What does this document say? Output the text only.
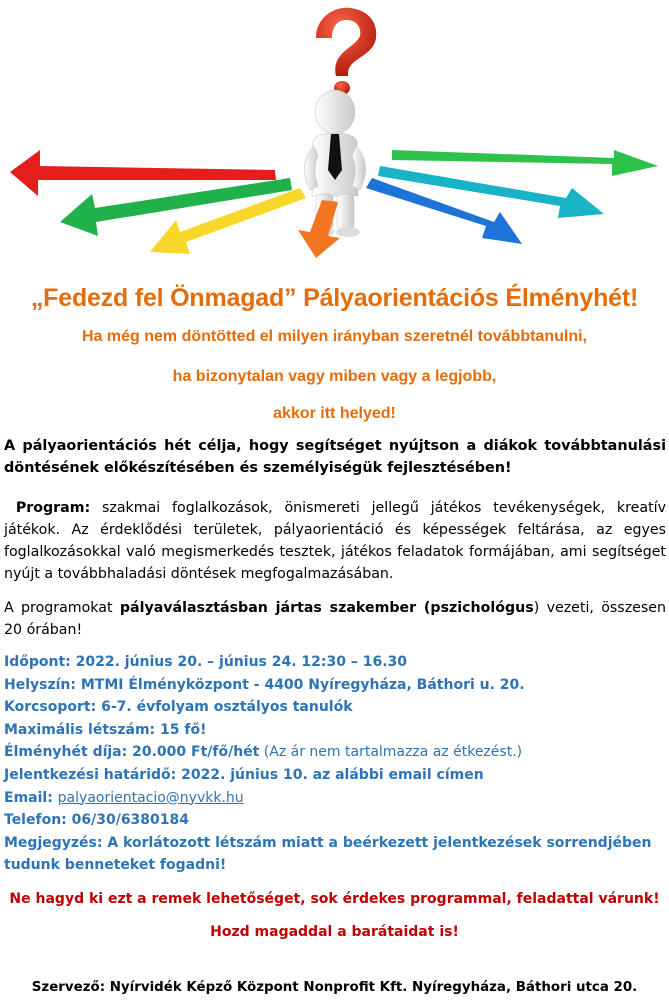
„Fedezd fel Önmagad” Pályaorientációs Élményhét!
Ha még nem döntötted el milyen irányban szeretnél továbbtanulni,
ha bizonytalan vagy miben vagy a legjobb,
akkor itt helyed!
A pályaorientációs hét célja, hogy segítséget nyújtson a diákok továbbtanulási döntésének előkészítésében és személyiségük fejlesztésében!
Program: szakmai foglalkozások, önismereti jellegű játékos tevékenységek, kreatív játékok. Az érdeklődési területek, pályaorientáció és képességek feltárása, az egyes foglalkozásokkal való megismerkedés tesztek, játékos feladatok formájában, ami segítséget nyújt a továbbhaladási döntések megfogalmazásában.
A programokat pályaválasztásban jártas szakember (pszichológus) vezeti, összesen 20 órában!
Időpont: 2022. június 20. – június 24. 12:30 – 16.30
Helyszín: MTMI Élményközpont - 4400 Nyíregyháza, Báthori u. 20.
Korcsoport: 6-7. évfolyam osztályos tanulók
Maximális létszám: 15 fő!
Élményhét díja: 20.000 Ft/fő/hét (Az ár nem tartalmazza az étkezést.)
Jelentkezési határidő: 2022. június 10. az alábbi email címen
Email: palyaorientacio@nyvkk.hu
Telefon: 06/30/6380184
Megjegyzés: A korlátozott létszám miatt a beérkezett jelentkezések sorrendjében tudunk benneteket fogadni!
Ne hagyd ki ezt a remek lehetőséget, sok érdekes programmal, feladattal várunk!
Hozd magaddal a barátaidat is!
Szervező: Nyírvidék Képző Központ Nonprofit Kft. Nyíregyháza, Báthori utca 20.
